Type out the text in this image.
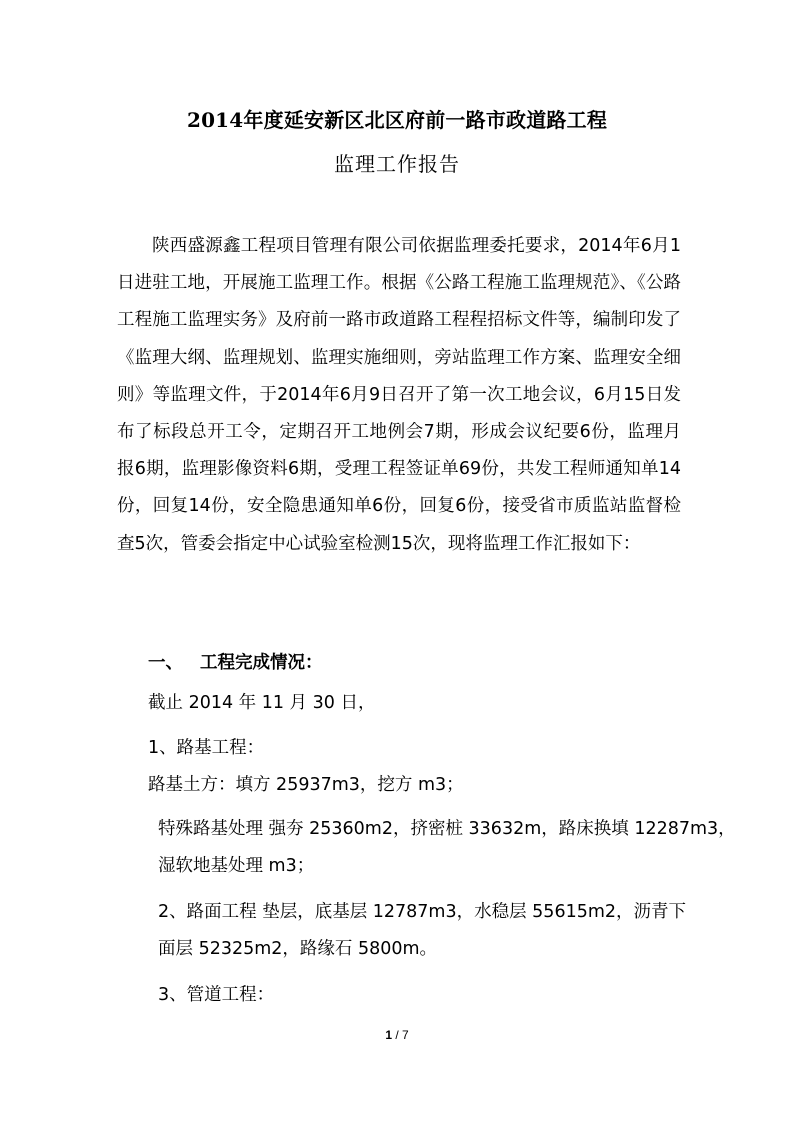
2014年度延安新区北区府前一路市政道路工程
监理工作报告
陕西盛源鑫工程项目管理有限公司依据监理委托要求，2014年6月1日进驻工地，开展施工监理工作。根据《公路工程施工监理规范》、《公路工程施工监理实务》及府前一路市政道路工程程招标文件等，编制印发了《监理大纲、监理规划、监理实施细则，旁站监理工作方案、监理安全细则》等监理文件，于2014年6月9日召开了第一次工地会议，6月15日发布了标段总开工令，定期召开工地例会7期，形成会议纪要6份，监理月报6期，监理影像资料6期，受理工程签证单69份，共发工程师通知单14份，回复14份，安全隐患通知单6份，回复6份，接受省市质监站监督检查5次，管委会指定中心试验室检测15次，现将监理工作汇报如下：
一、 工程完成情况：
截止 2014 年 11 月 30 日，
1、路基工程：
路基土方：填方 25937m3，挖方 m3；
特殊路基处理 强夯 25360m2，挤密桩 33632m，路床换填 12287m3，
湿软地基处理 m3；
2、路面工程 垫层，底基层 12787m3，水稳层 55615m2，沥青下
面层 52325m2，路缘石 5800m。
3、管道工程：
1 / 7
